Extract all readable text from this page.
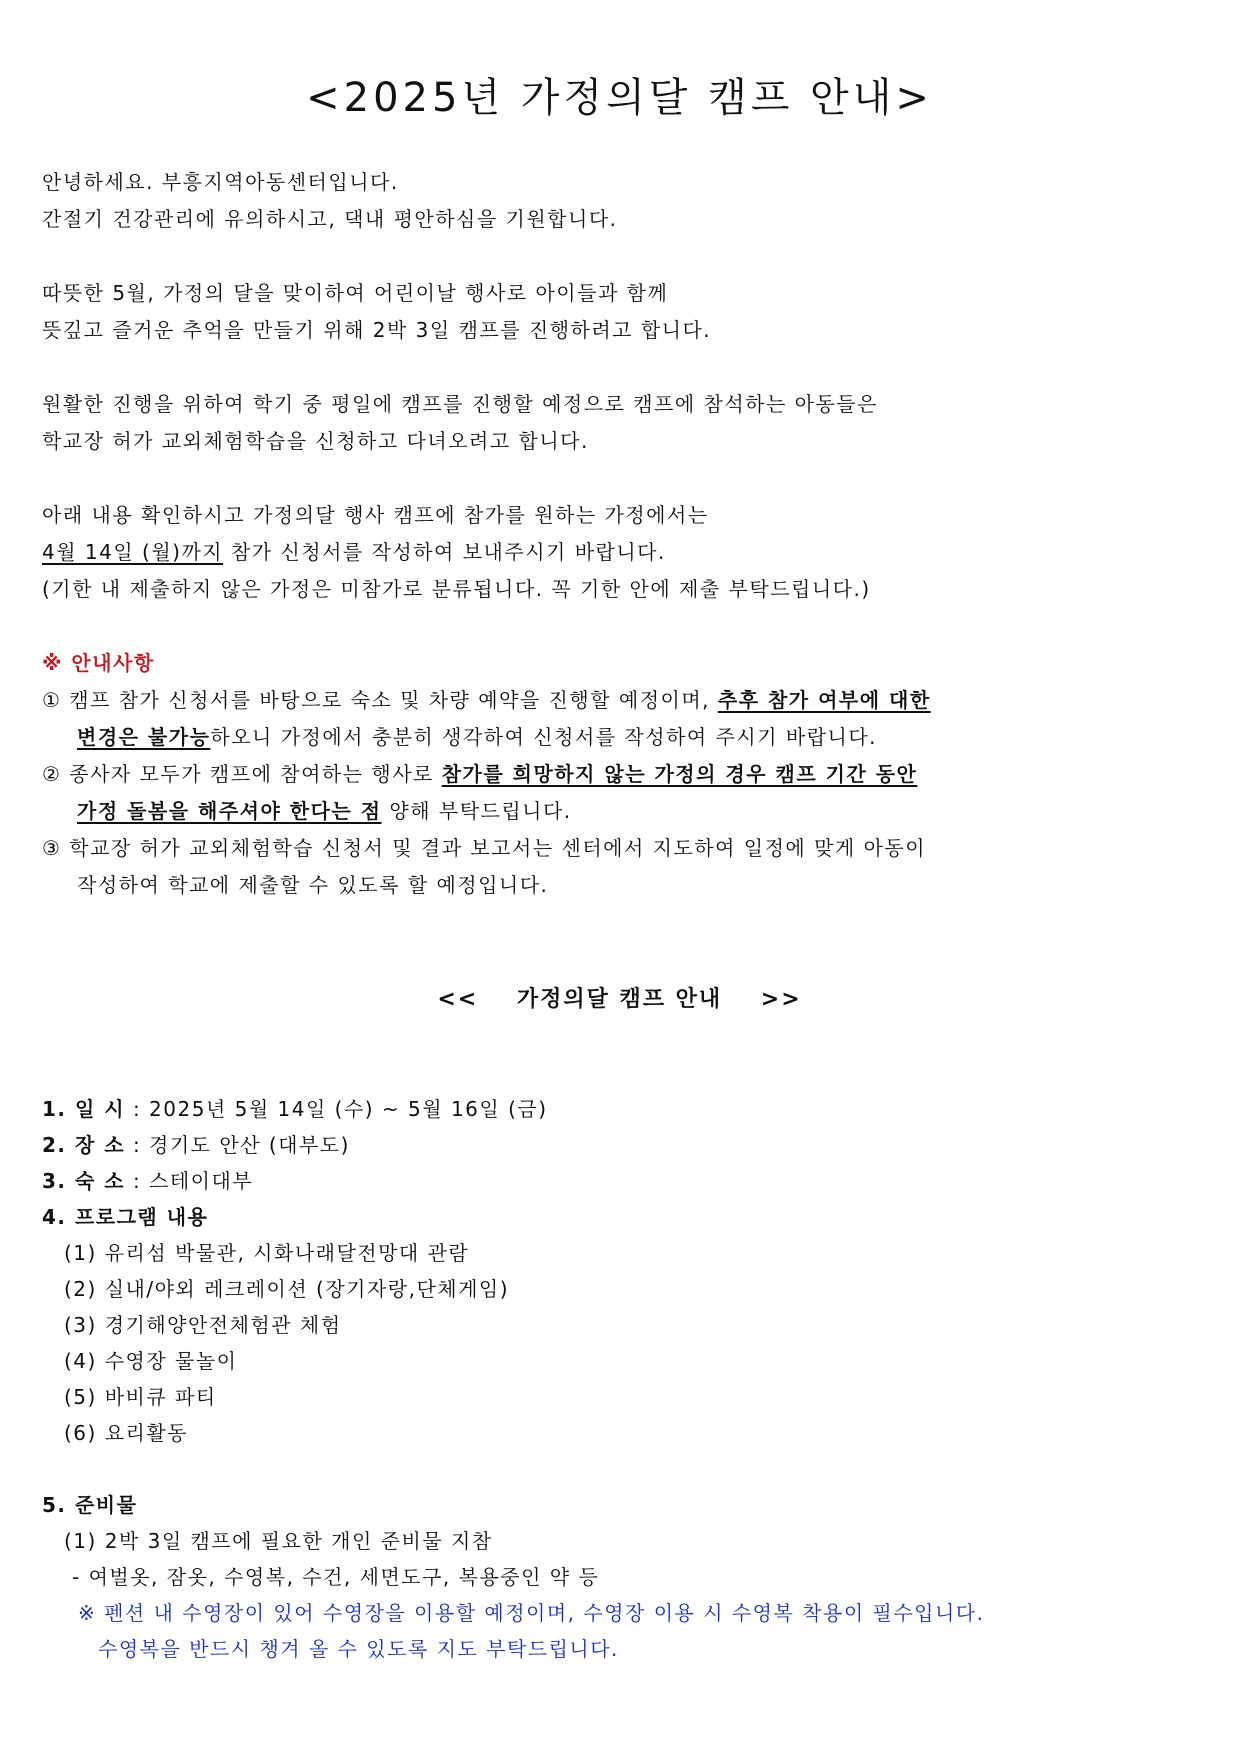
<2025년 가정의달 캠프 안내>
안녕하세요. 부흥지역아동센터입니다.
간절기 건강관리에 유의하시고, 댁내 평안하심을 기원합니다.
따뜻한 5월, 가정의 달을 맞이하여 어린이날 행사로 아이들과 함께
뜻깊고 즐거운 추억을 만들기 위해 2박 3일 캠프를 진행하려고 합니다.
원활한 진행을 위하여 학기 중 평일에 캠프를 진행할 예정으로 캠프에 참석하는 아동들은
학교장 허가 교외체험학습을 신청하고 다녀오려고 합니다.
아래 내용 확인하시고 가정의달 행사 캠프에 참가를 원하는 가정에서는
4월 14일 (월)까지 참가 신청서를 작성하여 보내주시기 바랍니다.
(기한 내 제출하지 않은 가정은 미참가로 분류됩니다. 꼭 기한 안에 제출 부탁드립니다.)
※ 안내사항
① 캠프 참가 신청서를 바탕으로 숙소 및 차량 예약을 진행할 예정이며, 추후 참가 여부에 대한
변경은 불가능하오니 가정에서 충분히 생각하여 신청서를 작성하여 주시기 바랍니다.
② 종사자 모두가 캠프에 참여하는 행사로 참가를 희망하지 않는 가정의 경우 캠프 기간 동안
가정 돌봄을 해주셔야 한다는 점 양해 부탁드립니다.
③ 학교장 허가 교외체험학습 신청서 및 결과 보고서는 센터에서 지도하여 일정에 맞게 아동이
작성하여 학교에 제출할 수 있도록 할 예정입니다.
<<    가정의달 캠프 안내    >>
1. 일 시 : 2025년 5월 14일 (수) ~ 5월 16일 (금)
2. 장 소 : 경기도 안산 (대부도)
3. 숙 소 : 스테이대부
4. 프로그램 내용
(1) 유리섬 박물관, 시화나래달전망대 관람
(2) 실내/야외 레크레이션 (장기자랑,단체게임)
(3) 경기해양안전체험관 체험
(4) 수영장 물놀이
(5) 바비큐 파티
(6) 요리활동
5. 준비물
(1) 2박 3일 캠프에 필요한 개인 준비물 지참
- 여벌옷, 잠옷, 수영복, 수건, 세면도구, 복용중인 약 등
※ 펜션 내 수영장이 있어 수영장을 이용할 예정이며, 수영장 이용 시 수영복 착용이 필수입니다.
수영복을 반드시 챙겨 올 수 있도록 지도 부탁드립니다.
